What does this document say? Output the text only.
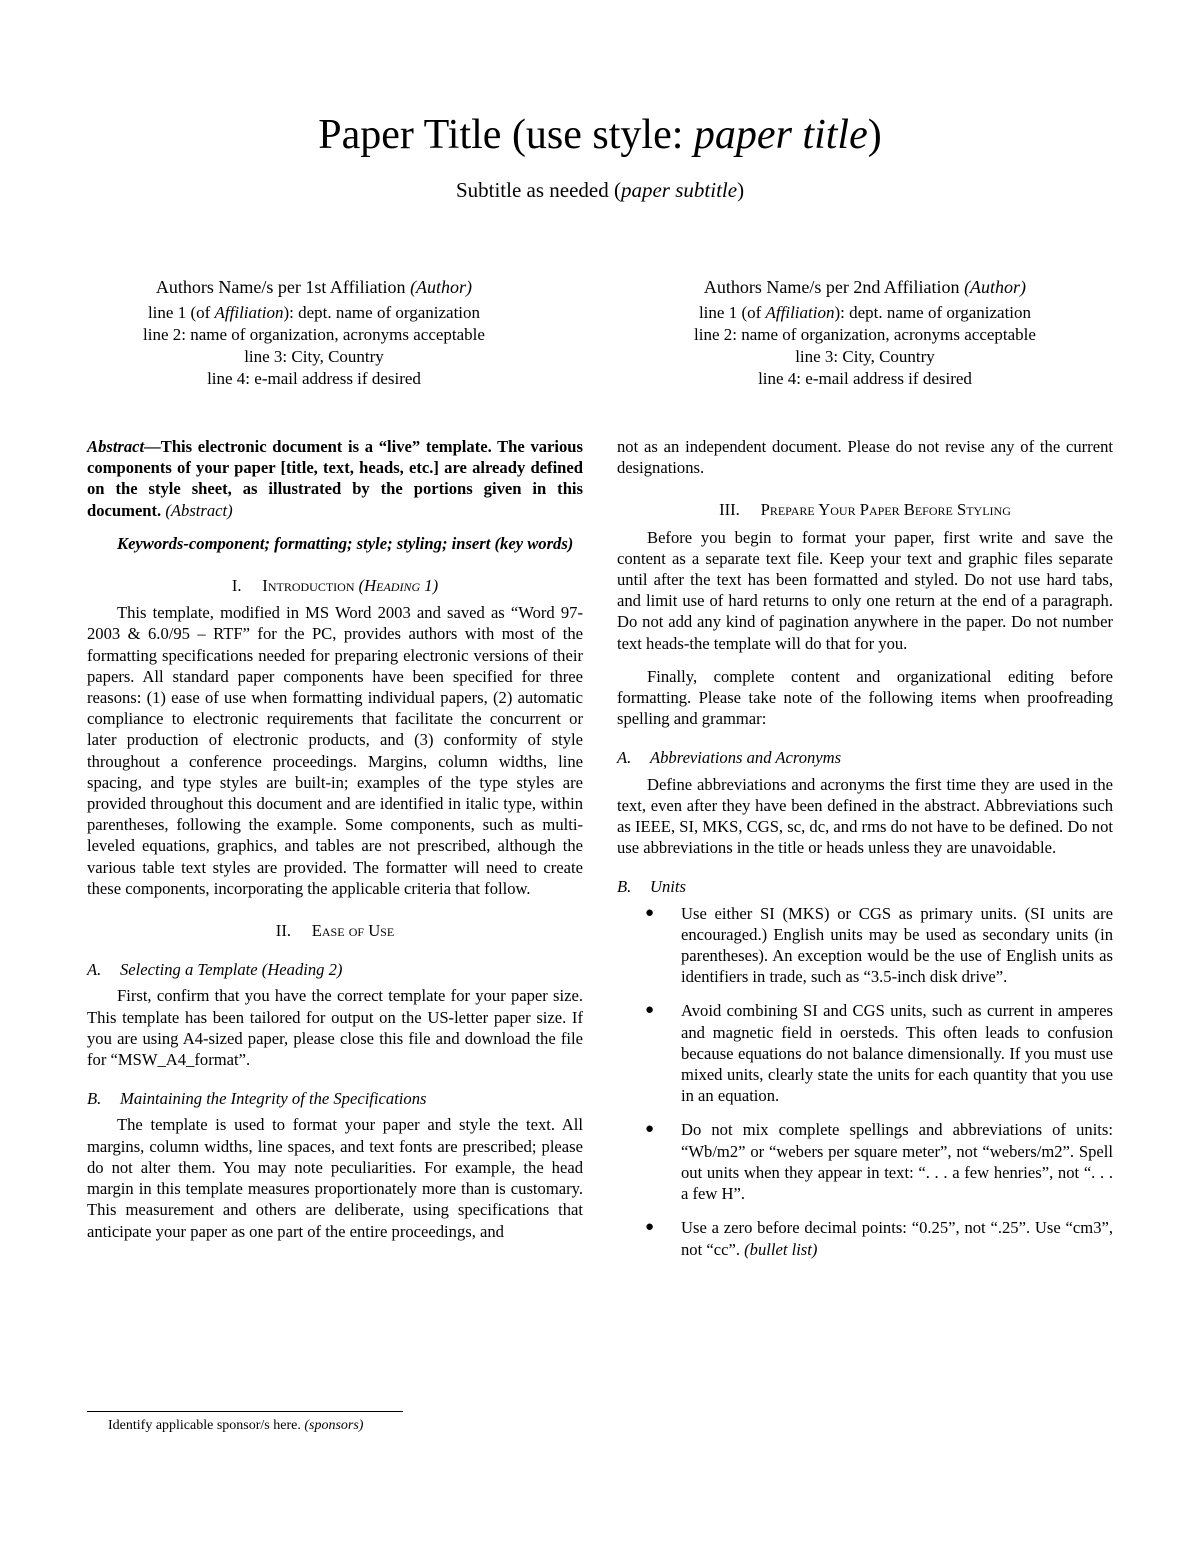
Paper Title (use style: paper title)
Subtitle as needed (paper subtitle)
Authors Name/s per 1st Affiliation (Author)
line 1 (of Affiliation): dept. name of organization
line 2: name of organization, acronyms acceptable
line 3: City, Country
line 4: e-mail address if desired
Authors Name/s per 2nd Affiliation (Author)
line 1 (of Affiliation): dept. name of organization
line 2: name of organization, acronyms acceptable
line 3: City, Country
line 4: e-mail address if desired

Abstract—This electronic document is a “live” template. The various components of your paper [title, text, heads, etc.] are already defined on the style sheet, as illustrated by the portions given in this document. (Abstract)

Keywords-component; formatting; style; styling; insert (key words)

I. Introduction (Heading 1)

This template, modified in MS Word 2003 and saved as “Word 97-2003 & 6.0/95 – RTF” for the PC, provides authors with most of the formatting specifications needed for preparing electronic versions of their papers. All standard paper components have been specified for three reasons: (1) ease of use when formatting individual papers, (2) automatic compliance to electronic requirements that facilitate the concurrent or later production of electronic products, and (3) conformity of style throughout a conference proceedings. Margins, column widths, line spacing, and type styles are built-in; examples of the type styles are provided throughout this document and are identified in italic type, within parentheses, following the example. Some components, such as multi-leveled equations, graphics, and tables are not prescribed, although the various table text styles are provided. The formatter will need to create these components, incorporating the applicable criteria that follow.

II. Ease of Use
A. Selecting a Template (Heading 2)

First, confirm that you have the correct template for your paper size. This template has been tailored for output on the US-letter paper size. If you are using A4-sized paper, please close this file and download the file for “MSW_A4_format”.

B. Maintaining the Integrity of the Specifications

The template is used to format your paper and style the text. All margins, column widths, line spaces, and text fonts are prescribed; please do not alter them. You may note peculiarities. For example, the head margin in this template measures proportionately more than is customary. This measurement and others are deliberate, using specifications that anticipate your paper as one part of the entire proceedings, and

not as an independent document. Please do not revise any of the current designations.

III. Prepare Your Paper Before Styling

Before you begin to format your paper, first write and save the content as a separate text file. Keep your text and graphic files separate until after the text has been formatted and styled. Do not use hard tabs, and limit use of hard returns to only one return at the end of a paragraph. Do not add any kind of pagination anywhere in the paper. Do not number text heads-the template will do that for you.

Finally, complete content and organizational editing before formatting. Please take note of the following items when proofreading spelling and grammar:

A. Abbreviations and Acronyms

Define abbreviations and acronyms the first time they are used in the text, even after they have been defined in the abstract. Abbreviations such as IEEE, SI, MKS, CGS, sc, dc, and rms do not have to be defined. Do not use abbreviations in the title or heads unless they are unavoidable.

B. Units
● Use either SI (MKS) or CGS as primary units. (SI units are encouraged.) English units may be used as secondary units (in parentheses). An exception would be the use of English units as identifiers in trade, such as “3.5-inch disk drive”.
● Avoid combining SI and CGS units, such as current in amperes and magnetic field in oersteds. This often leads to confusion because equations do not balance dimensionally. If you must use mixed units, clearly state the units for each quantity that you use in an equation.
● Do not mix complete spellings and abbreviations of units: “Wb/m2” or “webers per square meter”, not “webers/m2”. Spell out units when they appear in text: “. . . a few henries”, not “. . . a few H”.
● Use a zero before decimal points: “0.25”, not “.25”. Use “cm3”, not “cc”. (bullet list)
Identify applicable sponsor/s here. (sponsors)
